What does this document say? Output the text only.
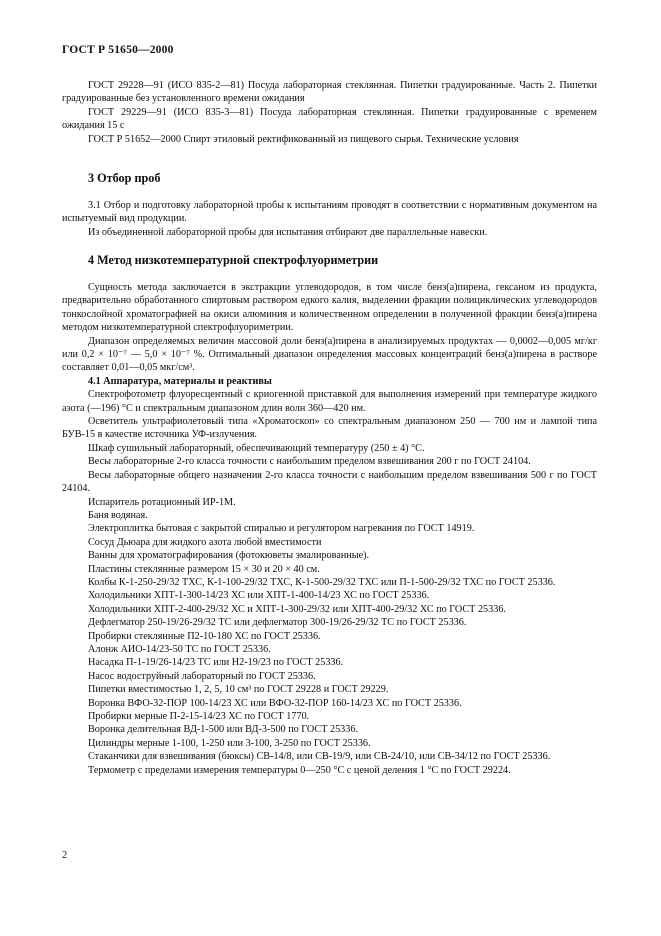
ГОСТ Р 51650—2000

ГОСТ 29228—91 (ИСО 835-2—81) Посуда лабораторная стеклянная. Пипетки градуированные. Часть 2. Пипетки градуированные без установленного времени ожидания

ГОСТ 29229—91 (ИСО 835-3—81) Посуда лабораторная стеклянная. Пипетки градуированные с временем ожидания 15 с

ГОСТ Р 51652—2000 Спирт этиловый ректификованный из пищевого сырья. Технические условия

3 Отбор проб

3.1 Отбор и подготовку лабораторной пробы к испытаниям проводят в соответствии с нормативным документом на испытуемый вид продукции.

Из объединенной лабораторной пробы для испытания отбирают две параллельные навески.

4 Метод низкотемпературной спектрофлуориметрии

Сущность метода заключается в экстракции углеводородов, в том числе бенз(а)пирена, гексаном из продукта, предварительно обработанного спиртовым раствором едкого калия, выделении фракции полициклических углеводородов тонкослойной хроматографией на окиси алюминия и количественном определении в полученной фракции бенз(а)пирена методом низкотемпературной спектрофлуориметрии.

Диапазон определяемых величин массовой доли бенз(а)пирена в анализируемых продуктах — 0,0002—0,005 мг/кг или 0,2 × 10⁻⁷ — 5,0 × 10⁻⁷ %. Оптимальный диапазон определения массовых концентраций бенз(а)пирена в растворе составляет 0,01—0,05 мкг/см³.

4.1 Аппаратура, материалы и реактивы

Спектрофотометр флуоресцентный с криогенной приставкой для выполнения измерений при температуре жидкого азота (—196) °С и спектральным диапазоном длин волн 360—420 нм.

Осветитель ультрафиолетовый типа «Хроматоскоп» со спектральным диапазоном 250 — 700 нм и лампой типа БУВ-15 в качестве источника УФ-излучения.

Шкаф сушильный лабораторный, обеспечивающий температуру (250 ± 4) °С.

Весы лабораторные 2-го класса точности с наибольшим пределом взвешивания 200 г по ГОСТ 24104.

Весы лабораторные общего назначения 2-го класса точности с наибольшим пределом взвешивания 500 г по ГОСТ 24104.

Испаритель ротационный ИР-1М.

Баня водяная.

Электроплитка бытовая с закрытой спиралью и регулятором нагревания по ГОСТ 14919.

Сосуд Дьюара для жидкого азота любой вместимости

Ванны для хроматографирования (фотокюветы эмалированные).

Пластины стеклянные размером 15 × 30 и 20 × 40 см.

Колбы К-1-250-29/32 ТХС, К-1-100-29/32 ТХС, К-1-500-29/32 ТХС или П-1-500-29/32 ТХС по ГОСТ 25336.

Холодильники ХПТ-1-300-14/23 ХС или ХПТ-1-400-14/23 ХС по ГОСТ 25336.

Холодильники ХПТ-2-400-29/32 ХС и ХПТ-1-300-29/32 или ХПТ-400-29/32 ХС по ГОСТ 25336.

Дефлегматор 250-19/26-29/32 ТС или дефлегматор 300-19/26-29/32 ТС по ГОСТ 25336.

Пробирки стеклянные П2-10-180 ХС по ГОСТ 25336.

Алонж АИО-14/23-50 ТС по ГОСТ 25336.

Насадка П-1-19/26-14/23 ТС или Н2-19/23 по ГОСТ 25336.

Насос водоструйный лабораторный по ГОСТ 25336.

Пипетки вместимостью 1, 2, 5, 10 см³ по ГОСТ 29228 и ГОСТ 29229.

Воронка ВФО-32-ПОР 100-14/23 ХС или ВФО-32-ПОР 160-14/23 ХС по ГОСТ 25336.

Пробирки мерные П-2-15-14/23 ХС по ГОСТ 1770.

Воронка делительная ВД-1-500 или ВД-3-500 по ГОСТ 25336.

Цилиндры мерные 1-100, 1-250 или 3-100, 3-250 по ГОСТ 25336.

Стаканчики для взвешивания (бюксы) СВ-14/8, или СВ-19/9, или СВ-24/10, или СВ-34/12 по ГОСТ 25336.

Термометр с пределами измерения температуры 0—250 °С с ценой деления 1 °С по ГОСТ 29224.

2
